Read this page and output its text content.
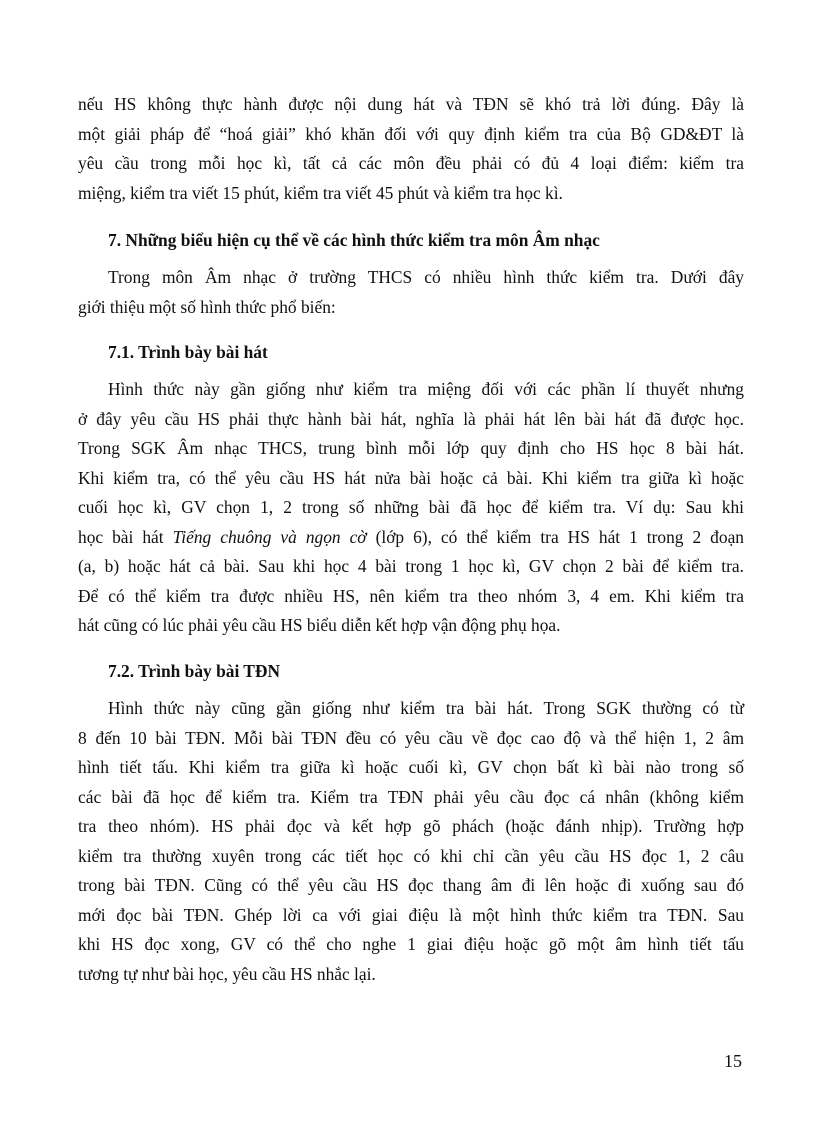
nếu HS không thực hành được nội dung hát và TĐN sẽ khó trả lời đúng. Đây là
một giải pháp để “hoá giải” khó khăn đối với quy định kiểm tra của Bộ GD&ĐT là
yêu cầu trong mỗi học kì, tất cả các môn đều phải có đủ 4 loại điểm: kiểm tra
miệng, kiểm tra viết 15 phút, kiểm tra viết 45 phút và kiểm tra học kì.
7. Những biểu hiện cụ thể về các hình thức kiểm tra môn Âm nhạc
Trong môn Âm nhạc ở trường THCS có nhiều hình thức kiểm tra. Dưới đây
giới thiệu một số hình thức phổ biến:
7.1. Trình bày bài hát
Hình thức này gần giống như kiểm tra miệng đối với các phần lí thuyết nhưng
ở đây yêu cầu HS phải thực hành bài hát, nghĩa là phải hát lên bài hát đã được học.
Trong SGK Âm nhạc THCS, trung bình mỗi lớp quy định cho HS học 8 bài hát.
Khi kiểm tra, có thể yêu cầu HS hát nửa bài hoặc cả bài. Khi kiểm tra giữa kì hoặc
cuối học kì, GV chọn 1, 2 trong số những bài đã học để kiểm tra. Ví dụ: Sau khi
học bài hát Tiếng chuông và ngọn cờ (lớp 6), có thể kiểm tra HS hát 1 trong 2 đoạn
(a, b) hoặc hát cả bài. Sau khi học 4 bài trong 1 học kì, GV chọn 2 bài để kiểm tra.
Để có thể kiểm tra được nhiều HS, nên kiểm tra theo nhóm 3, 4 em. Khi kiểm tra
hát cũng có lúc phải yêu cầu HS biểu diễn kết hợp vận động phụ họa.
7.2. Trình bày bài TĐN
Hình thức này cũng gần giống như kiểm tra bài hát. Trong SGK thường có từ
8 đến 10 bài TĐN. Mỗi bài TĐN đều có yêu cầu về đọc cao độ và thể hiện 1, 2 âm
hình tiết tấu. Khi kiểm tra giữa kì hoặc cuối kì, GV chọn bất kì bài nào trong số
các bài đã học để kiểm tra. Kiểm tra TĐN phải yêu cầu đọc cá nhân (không kiểm
tra theo nhóm). HS phải đọc và kết hợp gõ phách (hoặc đánh nhịp). Trường hợp
kiểm tra thường xuyên trong các tiết học có khi chỉ cần yêu cầu HS đọc 1, 2 câu
trong bài TĐN. Cũng có thể yêu cầu HS đọc thang âm đi lên hoặc đi xuống sau đó
mới đọc bài TĐN. Ghép lời ca với giai điệu là một hình thức kiểm tra TĐN. Sau
khi HS đọc xong, GV có thể cho nghe 1 giai điệu hoặc gõ một âm hình tiết tấu
tương tự như bài học, yêu cầu HS nhắc lại.
15
